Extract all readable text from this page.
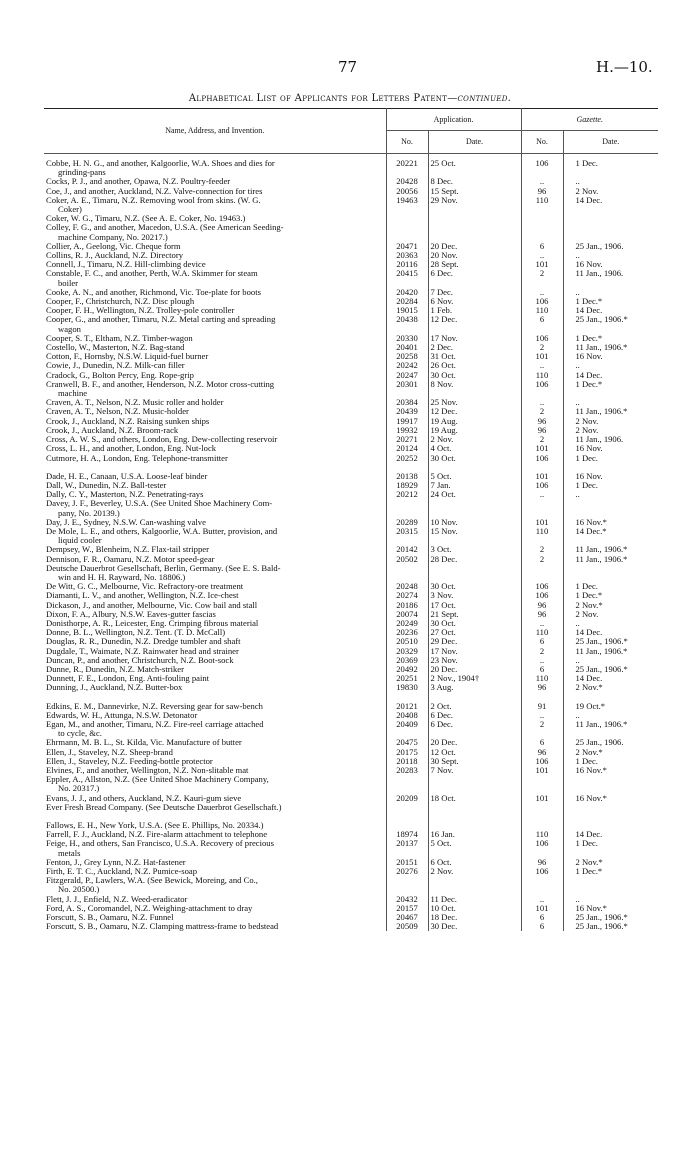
77	H.—10.
Alphabetical List of Applicants for Letters Patent—continued.
Name, Address, and Invention.	Application.		Gazette.	
	No.	Date.	No.	Date.

Cobbe, H. N. G., and another, Kalgoorlie, W.A. Shoes and dies for
grinding-pans	20221	25 Oct.	106	1 Dec.
Cocks, P. J., and another, Opawa, N.Z. Poultry-feeder	20428	8 Dec.	..	..
Coe, J., and another, Auckland, N.Z. Valve-connection for tires	20056	15 Sept.	96	2 Nov.
Coker, A. E., Timaru, N.Z. Removing wool from skins. (W. G.
Coker)	19463	29 Nov.	110	14 Dec.
Coker, W. G., Timaru, N.Z. (See A. E. Coker, No. 19463.)				
Colley, F. G., and another, Macedon, U.S.A. (See American Seeding-
machine Company, No. 20217.)				

Collier, A., Geelong, Vic. Cheque form	20471	20 Dec.	6	25 Jan., 1906.
Collins, R. J., Auckland, N.Z. Directory	20363	20 Nov.	..	..
Connell, J., Timaru, N.Z. Hill-climbing device	20116	28 Sept.	101	16 Nov.
Constable, F. C., and another, Perth, W.A. Skimmer for steam
boiler	20415	6 Dec.	2	11 Jan., 1906.
Cooke, A. N., and another, Richmond, Vic. Toe-plate for boots	20420	7 Dec.	..	..
Cooper, F., Christchurch, N.Z. Disc plough	20284	6 Nov.	106	1 Dec.*
Cooper, F. H., Wellington, N.Z. Trolley-pole controller	19015	1 Feb.	110	14 Dec.
Cooper, G., and another, Timaru, N.Z. Metal carting and spreading
wagon	20438	12 Dec.	6	25 Jan., 1906.*
Cooper, S. T., Eltham, N.Z. Timber-wagon	20330	17 Nov.	106	1 Dec.*
Costello, W., Masterton, N.Z. Bag-stand	20401	2 Dec.	2	11 Jan., 1906.*
Cotton, F., Hornsby, N.S.W. Liquid-fuel burner	20258	31 Oct.	101	16 Nov.
Cowie, J., Dunedin, N.Z. Milk-can filler	20242	26 Oct.	..	..
Cradock, G., Bolton Percy, Eng. Rope-grip	20247	30 Oct.	110	14 Dec.
Cranwell, B. F., and another, Henderson, N.Z. Motor cross-cutting
machine	20301	8 Nov.	106	1 Dec.*
Craven, A. T., Nelson, N.Z. Music roller and holder	20384	25 Nov.	..	..
Craven, A. T., Nelson, N.Z. Music-holder	20439	12 Dec.	2	11 Jan., 1906.*
Crook, J., Auckland, N.Z. Raising sunken ships	19917	19 Aug.	96	2 Nov.
Crook, J., Auckland, N.Z. Broom-rack	19932	19 Aug.	96	2 Nov.
Cross, A. W. S., and others, London, Eng. Dew-collecting reservoir	20271	2 Nov.	2	11 Jan., 1906.
Cross, L. H., and another, London, Eng. Nut-lock	20124	4 Oct.	101	16 Nov.
Cutmore, H. A., London, Eng. Telephone-transmitter	20252	30 Oct.	106	1 Dec.

Dade, H. E., Canaan, U.S.A. Loose-leaf binder	20138	5 Oct.	101	16 Nov.
Dall, W., Dunedin, N.Z. Ball-tester	18929	7 Jan.	106	1 Dec.
Dally, C. Y., Masterton, N.Z. Penetrating-rays	20212	24 Oct.	..	..
Davey, J. F., Beverley, U.S.A. (See United Shoe Machinery Com-
pany, No. 20139.)				

Day, J. E., Sydney, N.S.W. Can-washing valve	20289	10 Nov.	101	16 Nov.*
De Mole, L. E., and others, Kalgoorlie, W.A. Butter, provision, and
liquid cooler	20315	15 Nov.	110	14 Dec.*
Dempsey, W., Blenheim, N.Z. Flax-tail stripper	20142	3 Oct.	2	11 Jan., 1906.*
Dennison, F. R., Oamaru, N.Z. Motor speed-gear	20502	28 Dec.	2	11 Jan., 1906.*
Deutsche Dauerbrot Gesellschaft, Berlin, Germany. (See E. S. Bald-
win and H. H. Rayward, No. 18806.)				

De Witt, G. C., Melbourne, Vic. Refractory-ore treatment	20248	30 Oct.	106	1 Dec.
Diamanti, L. V., and another, Wellington, N.Z. Ice-chest	20274	3 Nov.	106	1 Dec.*
Dickason, J., and another, Melbourne, Vic. Cow bail and stall	20186	17 Oct.	96	2 Nov.*
Dixon, F. A., Albury, N.S.W. Eaves-gutter fascias	20074	21 Sept.	96	2 Nov.
Donisthorpe, A. R., Leicester, Eng. Crimping fibrous material	20249	30 Oct.	..	..
Donne, B. L., Wellington, N.Z. Tent. (T. D. McCall)	20236	27 Oct.	110	14 Dec.
Douglas, R. R., Dunedin, N.Z. Dredge tumbler and shaft	20510	29 Dec.	6	25 Jan., 1906.*
Dugdale, T., Waimate, N.Z. Rainwater head and strainer	20329	17 Nov.	2	11 Jan., 1906.*
Duncan, P., and another, Christchurch, N.Z. Boot-sock	20369	23 Nov.	..	..
Dunne, R., Dunedin, N.Z. Match-striker	20492	20 Dec.	6	25 Jan., 1906.*
Dunnett, F. E., London, Eng. Anti-fouling paint	20251	2 Nov., 1904†	110	14 Dec.
Dunning, J., Auckland, N.Z. Butter-box	19830	3 Aug.	96	2 Nov.*

Edkins, E. M., Dannevirke, N.Z. Reversing gear for saw-bench	20121	2 Oct.	91	19 Oct.*
Edwards, W. H., Attunga, N.S.W. Detonator	20408	6 Dec.	..	..
Egan, M., and another, Timaru, N.Z. Fire-reel carriage attached
to cycle, &c.	20409	6 Dec.	2	11 Jan., 1906.*
Ehrmann, M. B. L., St. Kilda, Vic. Manufacture of butter	20475	20 Dec.	6	25 Jan., 1906.
Ellen, J., Staveley, N.Z. Sheep-brand	20175	12 Oct.	96	2 Nov.*
Ellen, J., Staveley, N.Z. Feeding-bottle protector	20118	30 Sept.	106	1 Dec.
Elvines, F., and another, Wellington, N.Z. Non-slitable mat	20283	7 Nov.	101	16 Nov.*
Eppler, A., Allston, N.Z. (See United Shoe Machinery Company,
No. 20317.)				

Evans, J. J., and others, Auckland, N.Z. Kauri-gum sieve	20209	18 Oct.	101	16 Nov.*
Ever Fresh Bread Company. (See Deutsche Dauerbrot Gesellschaft.)				

Fallows, E. H., New York, U.S.A. (See E. Phillips, No. 20334.)				
Farrell, F. J., Auckland, N.Z. Fire-alarm attachment to telephone	18974	16 Jan.	110	14 Dec.
Feige, H., and others, San Francisco, U.S.A. Recovery of precious
metals	20137	5 Oct.	106	1 Dec.
Fenton, J., Grey Lynn, N.Z. Hat-fastener	20151	6 Oct.	96	2 Nov.*
Firth, E. T. C., Auckland, N.Z. Pumice-soap	20276	2 Nov.	106	1 Dec.*
Fitzgerald, P., Lawlers, W.A. (See Bewick, Moreing, and Co.,
No. 20500.)				

Flett, J. J., Enfield, N.Z. Weed-eradicator	20432	11 Dec.	..	..
Ford, A. S., Coromandel, N.Z. Weighing-attachment to dray	20157	10 Oct.	101	16 Nov.*
Forscutt, S. B., Oamaru, N.Z. Funnel	20467	18 Dec.	6	25 Jan., 1906.*
Forscutt, S. B., Oamaru, N.Z. Clamping mattress-frame to bedstead	20509	30 Dec.	6	25 Jan., 1906.*
